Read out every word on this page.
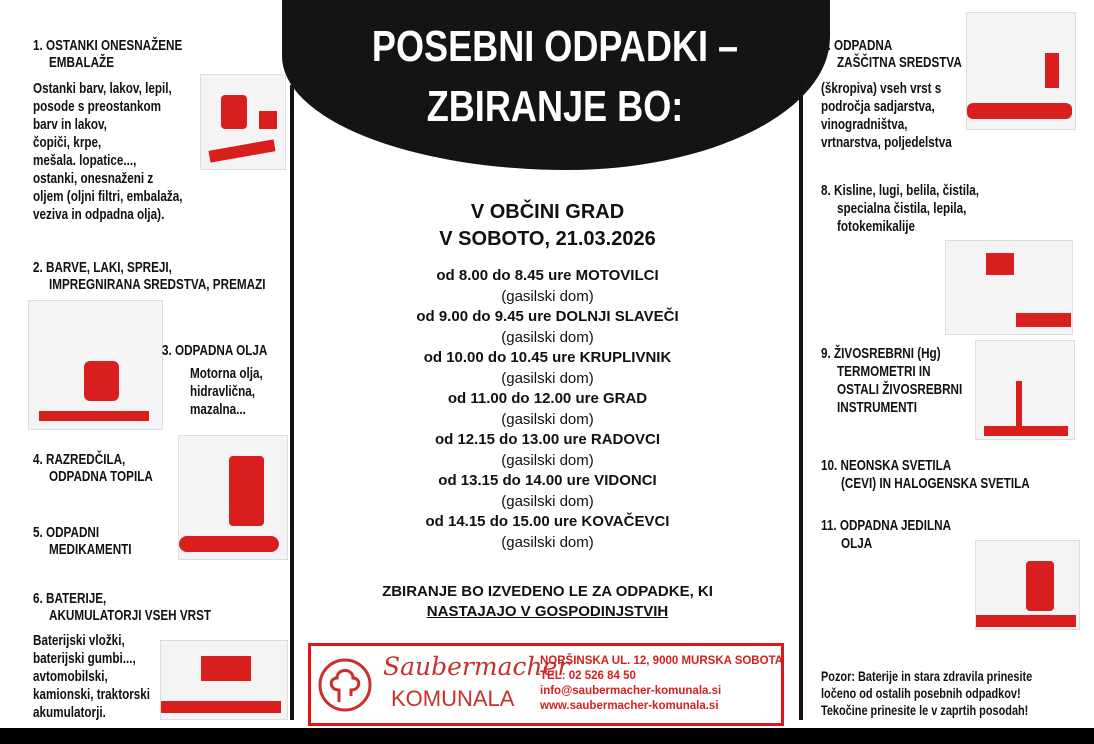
POSEBNI ODPADKI –
ZBIRANJE BO:
1. OSTANKI ONESNAŽENE
EMBALAŽE
Ostanki barv, lakov, lepil,
posode s preostankom
barv in lakov,
čopiči, krpe,
mešala. lopatice...,
ostanki, onesnaženi z
oljem (oljni filtri, embalaža,
veziva in odpadna olja).
2. BARVE, LAKI, SPREJI,
IMPREGNIRANA SREDSTVA, PREMAZI
3. ODPADNA OLJA
Motorna olja,
hidravlična,
mazalna...
4. RAZREDČILA,
ODPADNA TOPILA
5. ODPADNI
MEDIKAMENTI
6. BATERIJE,
AKUMULATORJI VSEH VRST
Baterijski vložki,
baterijski gumbi...,
avtomobilski,
kamionski, traktorski
akumulatorji.
V OBČINI GRAD
V SOBOTO, 21.03.2026
od 8.00 do 8.45 ure MOTOVILCI
(gasilski dom)
od 9.00 do 9.45 ure DOLNJI SLAVEČI
(gasilski dom)
od 10.00 do 10.45 ure KRUPLIVNIK
(gasilski dom)
od 11.00 do 12.00 ure GRAD
(gasilski dom)
od 12.15 do 13.00 ure RADOVCI
(gasilski dom)
od 13.15 do 14.00 ure VIDONCI
(gasilski dom)
od 14.15 do 15.00 ure KOVAČEVCI
(gasilski dom)
ZBIRANJE BO IZVEDENO LE ZA ODPADKE, KI
NASTAJAJO V GOSPODINJSTVIH
Saubermacher
KOMUNALA
NORŠINSKA UL. 12, 9000 MURSKA SOBOTA
TEL: 02 526 84 50
info@saubermacher-komunala.si
www.saubermacher-komunala.si
7. ODPADNA
ZAŠČITNA SREDSTVA
(škropiva) vseh vrst s
področja sadjarstva,
vinogradništva,
vrtnarstva, poljedelstva
8. Kisline, lugi, belila, čistila,
specialna čistila, lepila,
fotokemikalije
9. ŽIVOSREBRNI (Hg)
TERMOMETRI IN
OSTALI ŽIVOSREBRNI
INSTRUMENTI
10. NEONSKA SVETILA
(CEVI) IN HALOGENSKA SVETILA
11. ODPADNA JEDILNA
OLJA
Pozor: Baterije in stara zdravila prinesite
ločeno od ostalih posebnih odpadkov!
Tekočine prinesite le v zaprtih posodah!
